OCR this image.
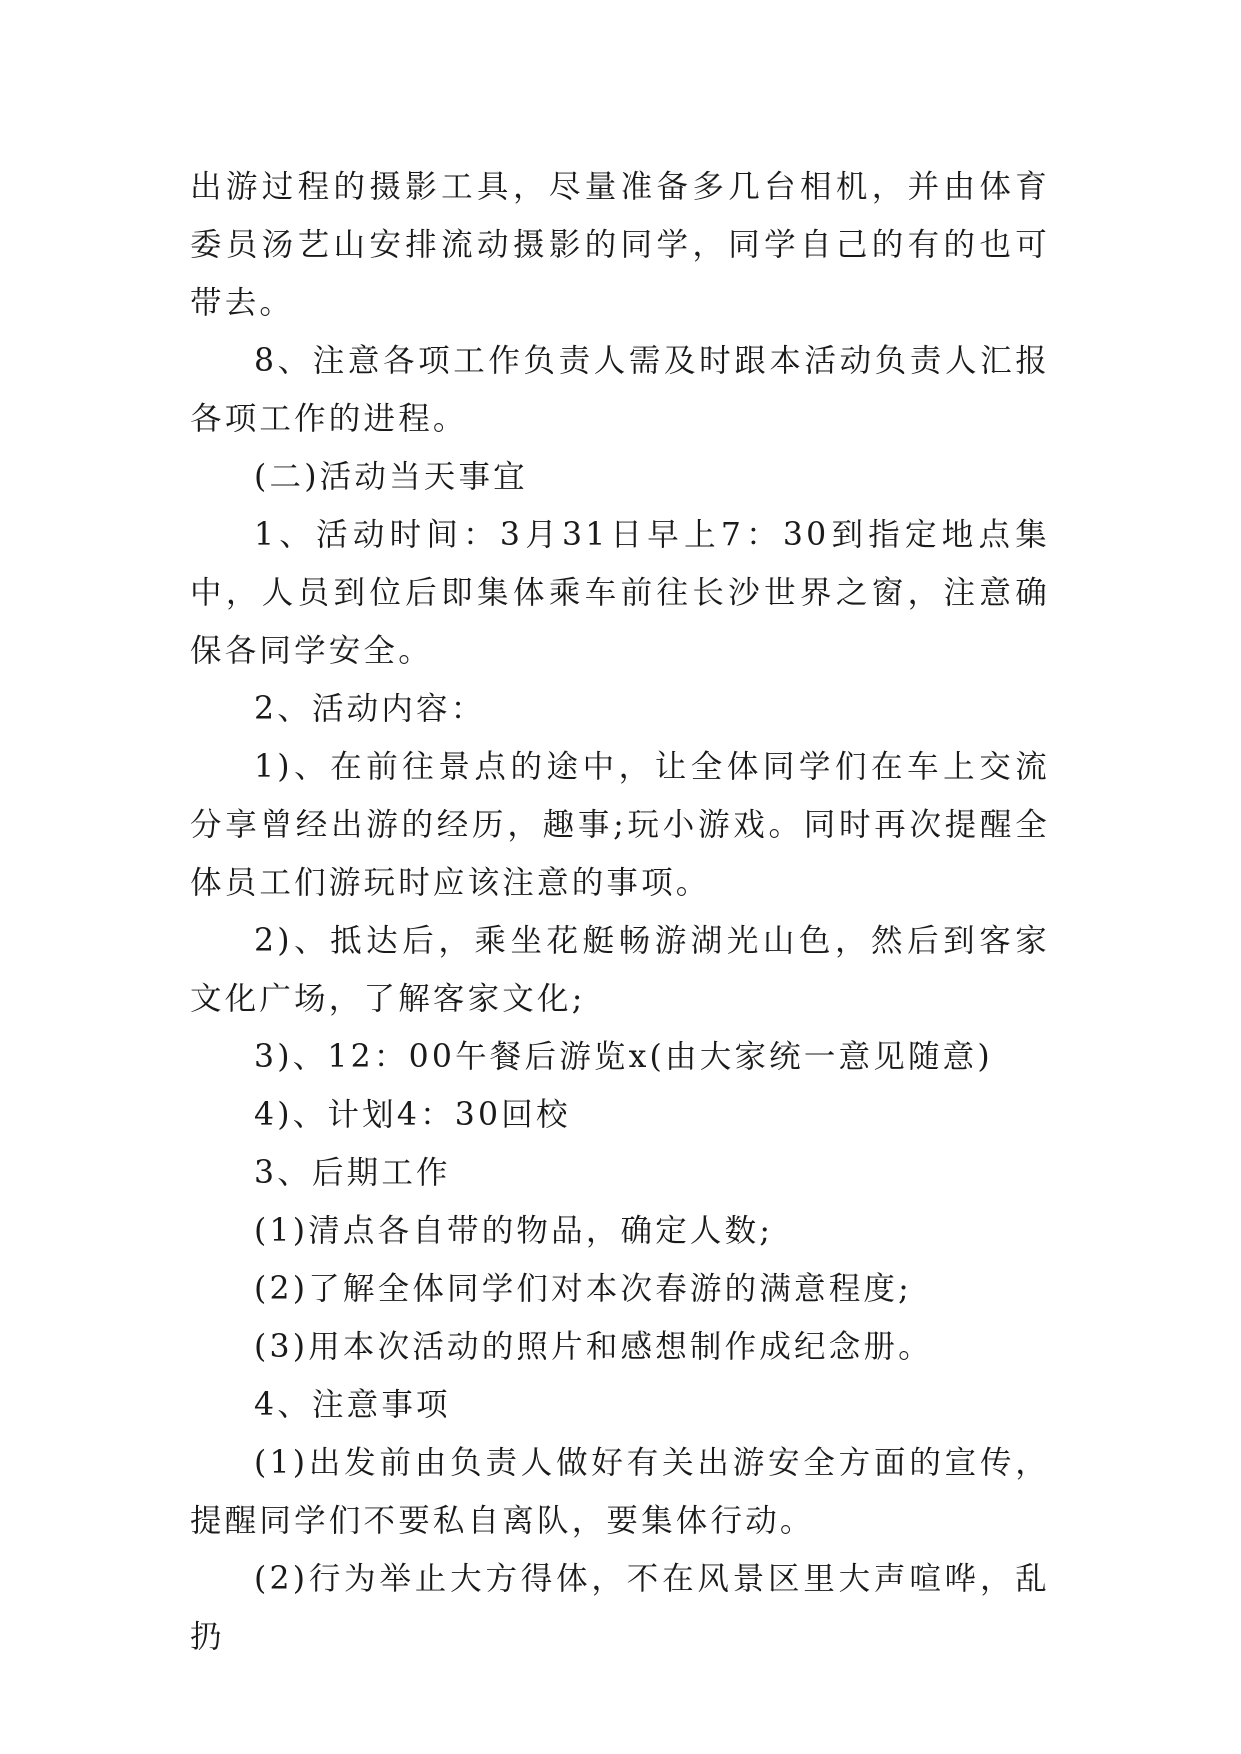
出游过程的摄影工具，尽量准备多几台相机，并由体育委员汤艺山安排流动摄影的同学，同学自己的有的也可带去。

8、注意各项工作负责人需及时跟本活动负责人汇报各项工作的进程。

(二)活动当天事宜

1、活动时间：3月31日早上7：30到指定地点集中，人员到位后即集体乘车前往长沙世界之窗，注意确保各同学安全。

2、活动内容：

1)、在前往景点的途中，让全体同学们在车上交流分享曾经出游的经历，趣事;玩小游戏。同时再次提醒全体员工们游玩时应该注意的事项。

2)、抵达后，乘坐花艇畅游湖光山色，然后到客家文化广场，了解客家文化;

3)、12：00午餐后游览x(由大家统一意见随意)

4)、计划4：30回校

3、后期工作

(1)清点各自带的物品，确定人数;

(2)了解全体同学们对本次春游的满意程度;

(3)用本次活动的照片和感想制作成纪念册。

4、注意事项

(1)出发前由负责人做好有关出游安全方面的宣传，提醒同学们不要私自离队，要集体行动。

(2)行为举止大方得体，不在风景区里大声喧哗，乱扔
